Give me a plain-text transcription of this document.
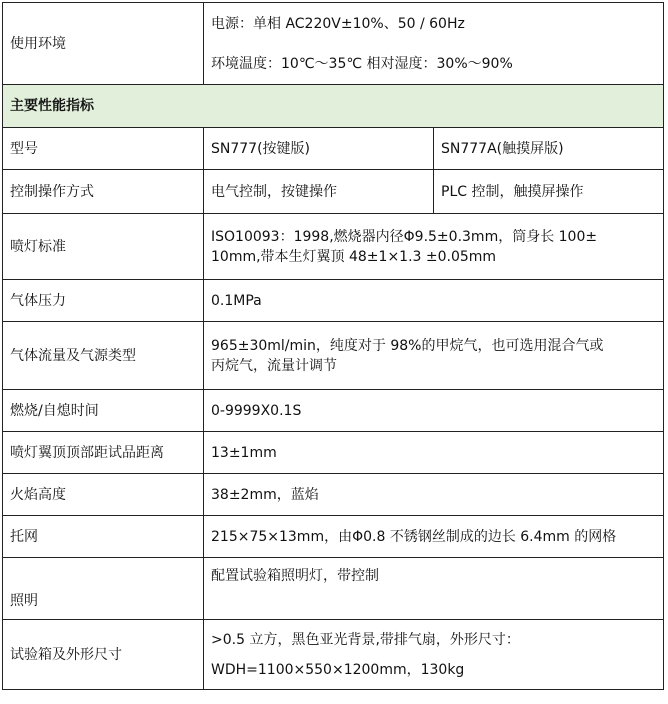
使用环境	电源：单相 AC220V±10%、50 / 60Hz
环境温度：10℃～35℃ 相对湿度：30%～90%	

主要性能指标		
型号	SN777(按键版)	SN777A(触摸屏版)
控制操作方式	电气控制，按键操作	PLC 控制，触摸屏操作
喷灯标准	ISO10093：1998,燃烧器内径Φ9.5±0.3mm，筒身长 100±
10mm,带本生灯翼顶 48±1×1.3 ±0.05mm	

气体压力	0.1MPa	
气体流量及气源类型	965±30ml/min，纯度对于 98%的甲烷气，也可选用混合气或
丙烷气，流量计调节	

燃烧/自熄时间	0-9999X0.1S	
喷灯翼顶顶部距试品距离	13±1mm	
火焰高度	38±2mm，蓝焰	
托网	215×75×13mm，由Φ0.8 不锈钢丝制成的边长 6.4mm 的网格	
照明	配置试验箱照明灯，带控制	
试验箱及外形尺寸	>0.5 立方，黑色亚光背景,带排气扇，外形尺寸：
WDH=1100×550×1200mm，130kg	
